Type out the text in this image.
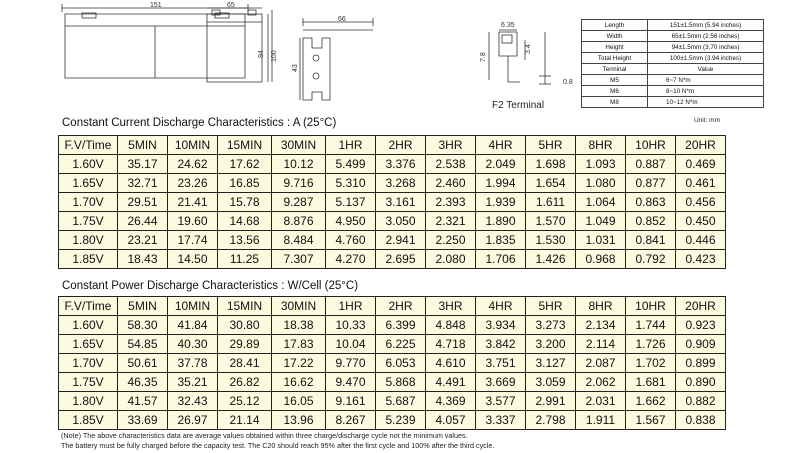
151	65
94 100
66
43
6.35
7.8
3.4
0.8
F2 Terminal
Length	151±1.5mm (5.94 inches)
Width	65±1.5mm (2.56 inches)
Height	94±1.5mm (3.70 inches)
Total Height	100±1.5mm (3.94 inches)
Terminal	Value
M5	6~7 N*m
M6	8~10 N*m
M8	10~12 N*m
Unit: mm
Constant Current Discharge Characteristics : A (25°C)
F.V/Time	5MIN	10MIN	15MIN	30MIN	1HR	2HR	3HR	4HR	5HR	8HR	10HR	20HR
1.60V	35.17	24.62	17.62	10.12	5.499	3.376	2.538	2.049	1.698	1.093	0.887	0.469
1.65V	32.71	23.26	16.85	9.716	5.310	3.268	2.460	1.994	1.654	1.080	0.877	0.461
1.70V	29.51	21.41	15.78	9.287	5.137	3.161	2.393	1.939	1.611	1.064	0.863	0.456
1.75V	26.44	19.60	14.68	8.876	4.950	3.050	2.321	1.890	1.570	1.049	0.852	0.450
1.80V	23.21	17.74	13.56	8.484	4.760	2.941	2.250	1.835	1.530	1.031	0.841	0.446
1.85V	18.43	14.50	11.25	7.307	4.270	2.695	2.080	1.706	1.426	0.968	0.792	0.423
Constant Power Discharge Characteristics : W/Cell (25°C)
F.V/Time	5MIN	10MIN	15MIN	30MIN	1HR	2HR	3HR	4HR	5HR	8HR	10HR	20HR
1.60V	58.30	41.84	30.80	18.38	10.33	6.399	4.848	3.934	3.273	2.134	1.744	0.923
1.65V	54.85	40.30	29.89	17.83	10.04	6.225	4.718	3.842	3.200	2.114	1.726	0.909
1.70V	50.61	37.78	28.41	17.22	9.770	6.053	4.610	3.751	3.127	2.087	1.702	0.899
1.75V	46.35	35.21	26.82	16.62	9.470	5.868	4.491	3.669	3.059	2.062	1.681	0.890
1.80V	41.57	32.43	25.12	16.05	9.161	5.687	4.369	3.577	2.991	2.031	1.662	0.882
1.85V	33.69	26.97	21.14	13.96	8.267	5.239	4.057	3.337	2.798	1.911	1.567	0.838
(Note) The above characteristics data are average values obtained within three charge/discharge cycle not the minimum values.
The battery must be fully charged before the capacity test. The C20 should reach 95% after the first cycle and 100% after the third cycle.
